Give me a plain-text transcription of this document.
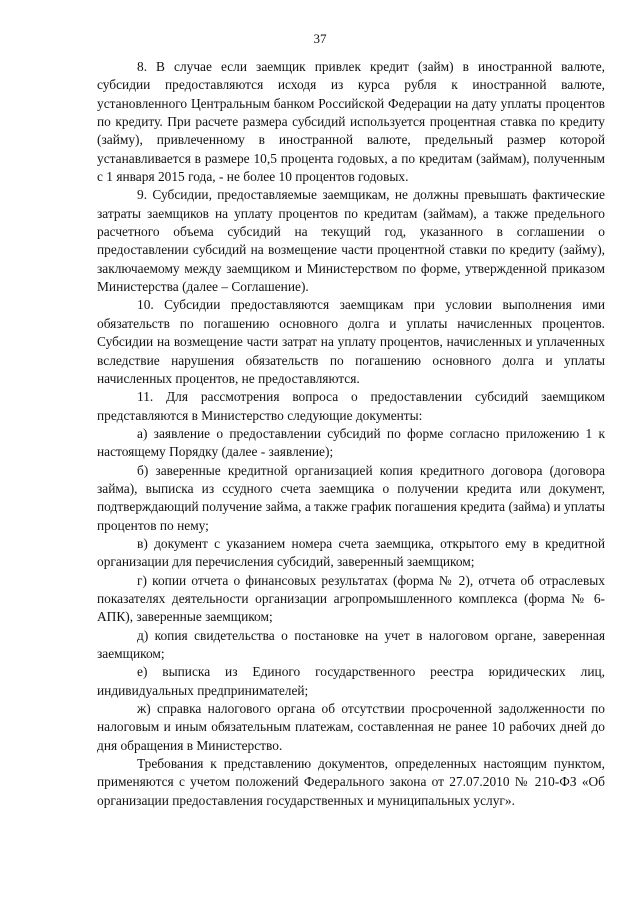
37

8. В случае если заемщик привлек кредит (займ) в иностранной валюте, субсидии предоставляются исходя из курса рубля к иностранной валюте, установленного Центральным банком Российской Федерации на дату уплаты процентов по кредиту. При расчете размера субсидий используется процентная ставка по кредиту (займу), привлеченному в иностранной валюте, предельный размер которой устанавливается в размере 10,5 процента годовых, а по кредитам (займам), полученным с 1 января 2015 года, - не более 10 процентов годовых.

9. Субсидии, предоставляемые заемщикам, не должны превышать фактические затраты заемщиков на уплату процентов по кредитам (займам), а также предельного расчетного объема субсидий на текущий год, указанного в соглашении о предоставлении субсидий на возмещение части процентной ставки по кредиту (займу), заключаемому между заемщиком и Министерством по форме, утвержденной приказом Министерства (далее – Соглашение).

10. Субсидии предоставляются заемщикам при условии выполнения ими обязательств по погашению основного долга и уплаты начисленных процентов. Субсидии на возмещение части затрат на уплату процентов, начисленных и уплаченных вследствие нарушения обязательств по погашению основного долга и уплаты начисленных процентов, не предоставляются.

11. Для рассмотрения вопроса о предоставлении субсидий заемщиком представляются в Министерство следующие документы:

а) заявление о предоставлении субсидий по форме согласно приложению 1 к настоящему Порядку (далее - заявление);

б) заверенные кредитной организацией копия кредитного договора (договора займа), выписка из ссудного счета заемщика о получении кредита или документ, подтверждающий получение займа, а также график погашения кредита (займа) и уплаты процентов по нему;

в) документ с указанием номера счета заемщика, открытого ему в кредитной организации для перечисления субсидий, заверенный заемщиком;

г) копии отчета о финансовых результатах (форма № 2), отчета об отраслевых показателях деятельности организации агропромышленного комплекса (форма № 6-АПК), заверенные заемщиком;

д) копия свидетельства о постановке на учет в налоговом органе, заверенная заемщиком;

е) выписка из Единого государственного реестра юридических лиц, индивидуальных предпринимателей;

ж) справка налогового органа об отсутствии просроченной задолженности по налоговым и иным обязательным платежам, составленная не ранее 10 рабочих дней до дня обращения в Министерство.

Требования к представлению документов, определенных настоящим пунктом, применяются с учетом положений Федерального закона от 27.07.2010 № 210-ФЗ «Об организации предоставления государственных и муниципальных услуг».
